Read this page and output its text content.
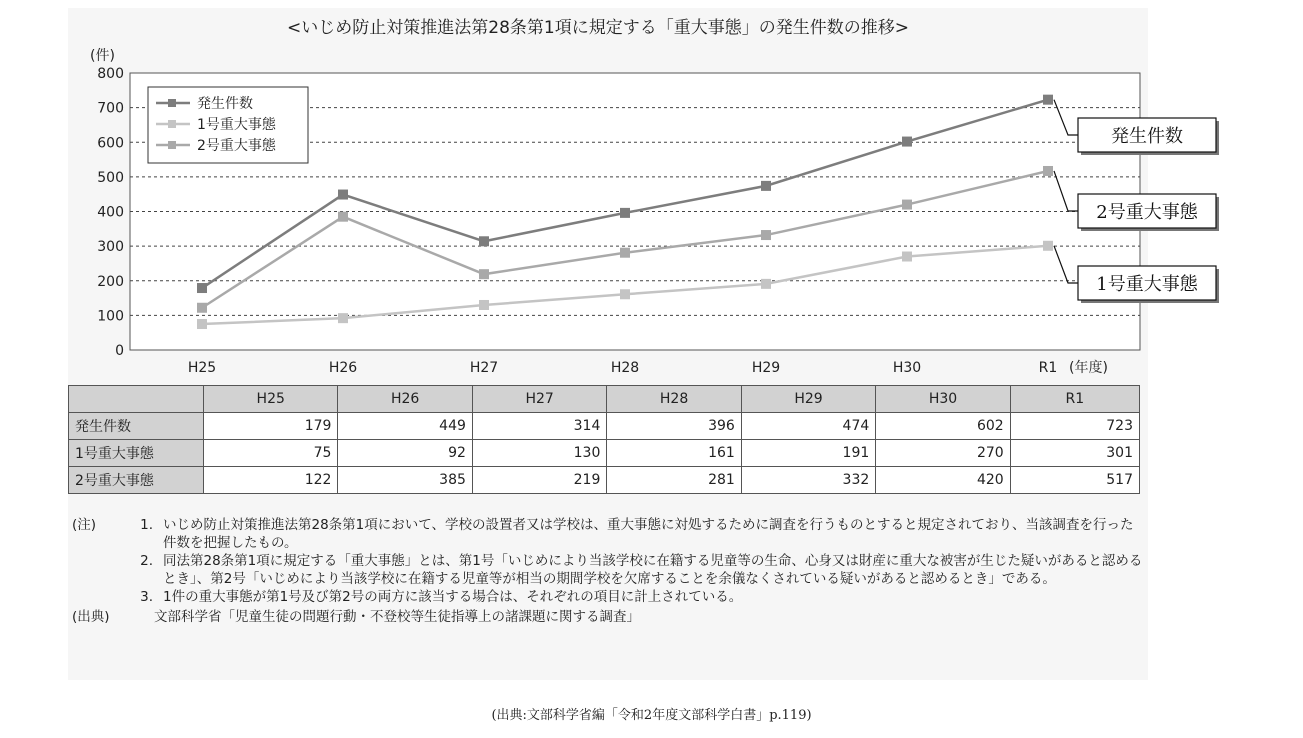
<いじめ防止対策推進法第28条第1項に規定する「重大事態」の発生件数の推移>
(件)
0
100
200
300
400
500
600
700
800
H25	H26	H27	H28	H29	H30	R1 (年度)
発生件数
1号重大事態
2号重大事態	発生件数
1号重大事態
2号重大事態
	H25	H26	H27	H28	H29	H30	R1
発生件数	179	449	314	396	474	602	723
1号重大事態	75	92	130	161	191	270	301
2号重大事態	122	385	219	281	332	420	517
(注)	1. いじめ防止対策推進法第28条第1項において、学校の設置者又は学校は、重大事態に対処するために調査を行うものとすると規定されており、当該調査を行った件数を把握したもの。
2. 同法第28条第1項に規定する「重大事態」とは、第1号「いじめにより当該学校に在籍する児童等の生命、心身又は財産に重大な被害が生じた疑いがあると認めるとき」、第2号「いじめにより当該学校に在籍する児童等が相当の期間学校を欠席することを余儀なくされている疑いがあると認めるとき」である。
3. 1件の重大事態が第1号及び第2号の両方に該当する場合は、それぞれの項目に計上されている。
(出典)	文部科学省「児童生徒の問題行動・不登校等生徒指導上の諸課題に関する調査」
(出典:文部科学省編「令和2年度文部科学白書」p.119)
